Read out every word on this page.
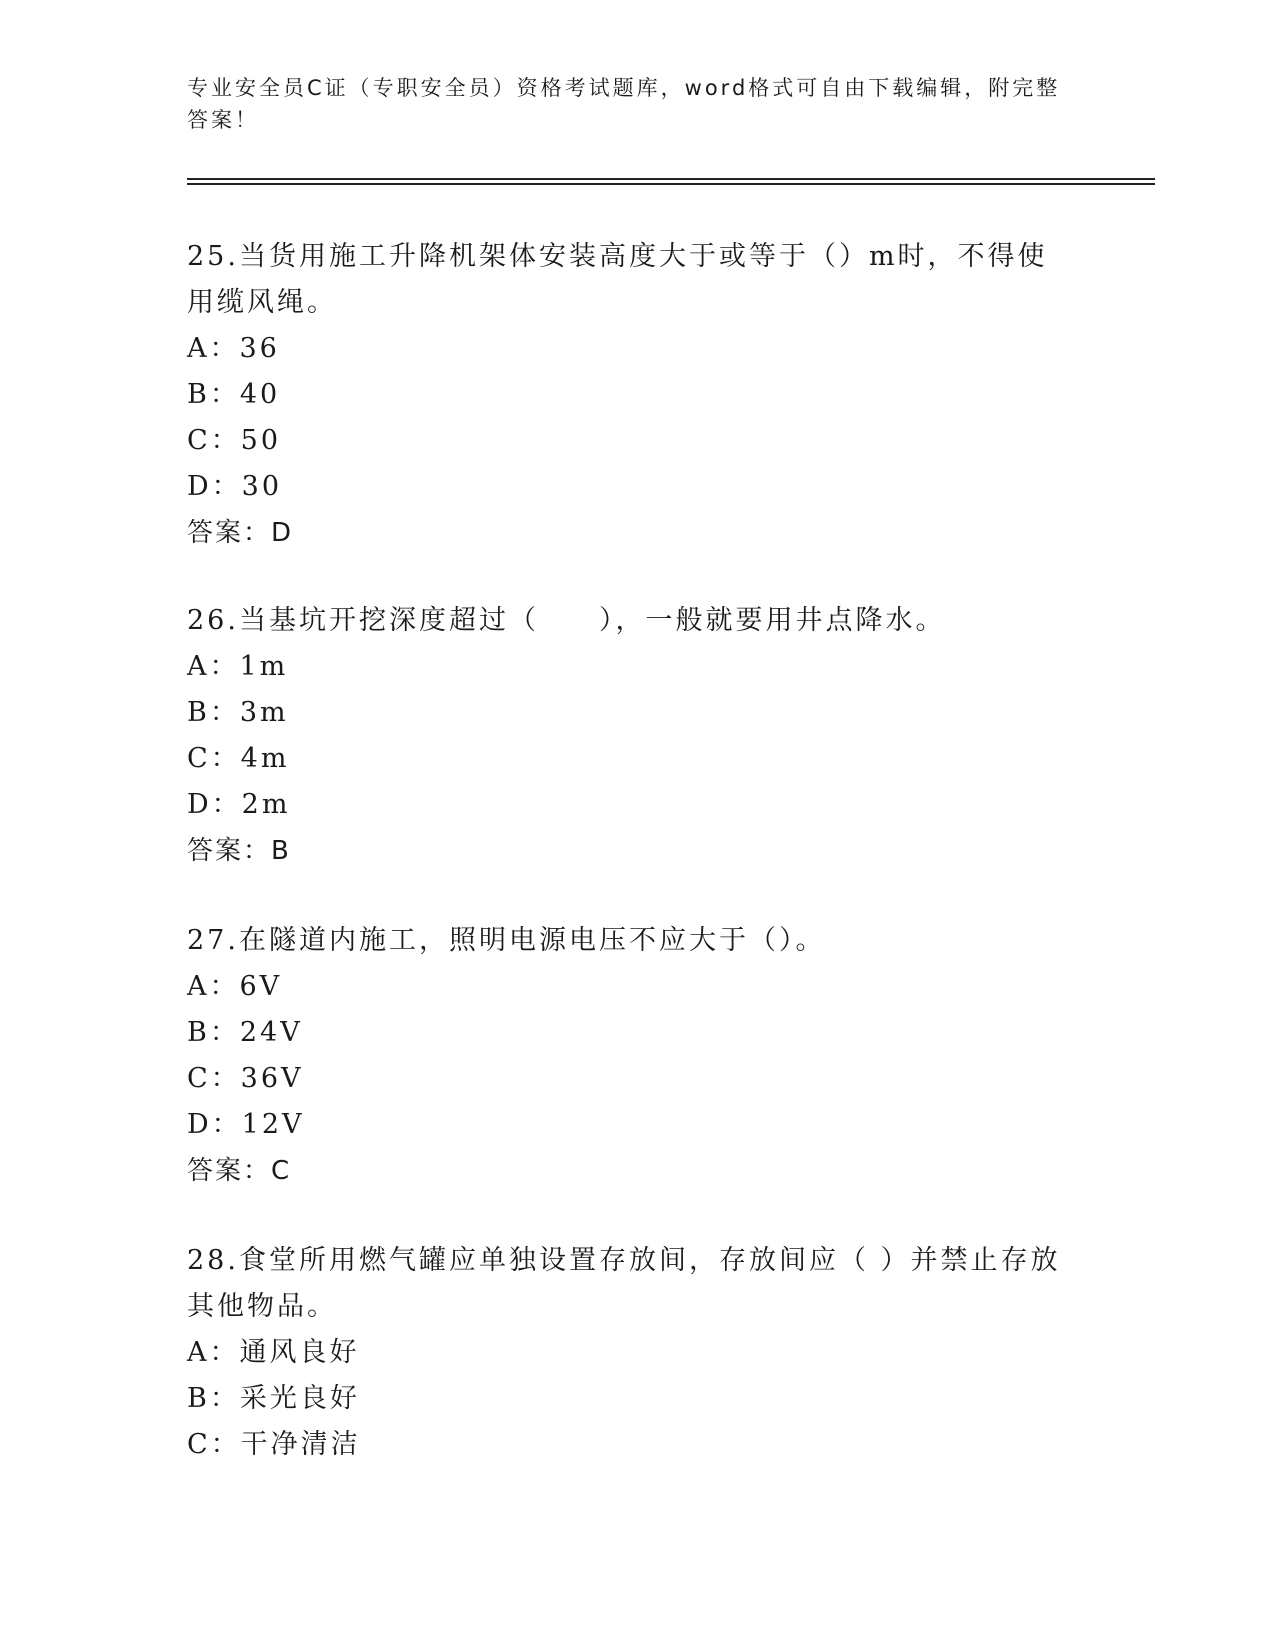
专业安全员C证（专职安全员）资格考试题库，word格式可自由下载编辑，附完整答案！
25.当货用施工升降机架体安装高度大于或等于（）m时，不得使用缆风绳。
A：36
B：40
C：50
D：30
答案：D
26.当基坑开挖深度超过（　　），一般就要用井点降水。
A：1m
B：3m
C：4m
D：2m
答案：B
27.在隧道内施工，照明电源电压不应大于（）。
A：6V
B：24V
C：36V
D：12V
答案：C
28.食堂所用燃气罐应单独设置存放间，存放间应（ ）并禁止存放其他物品。
A：通风良好
B：采光良好
C：干净清洁
